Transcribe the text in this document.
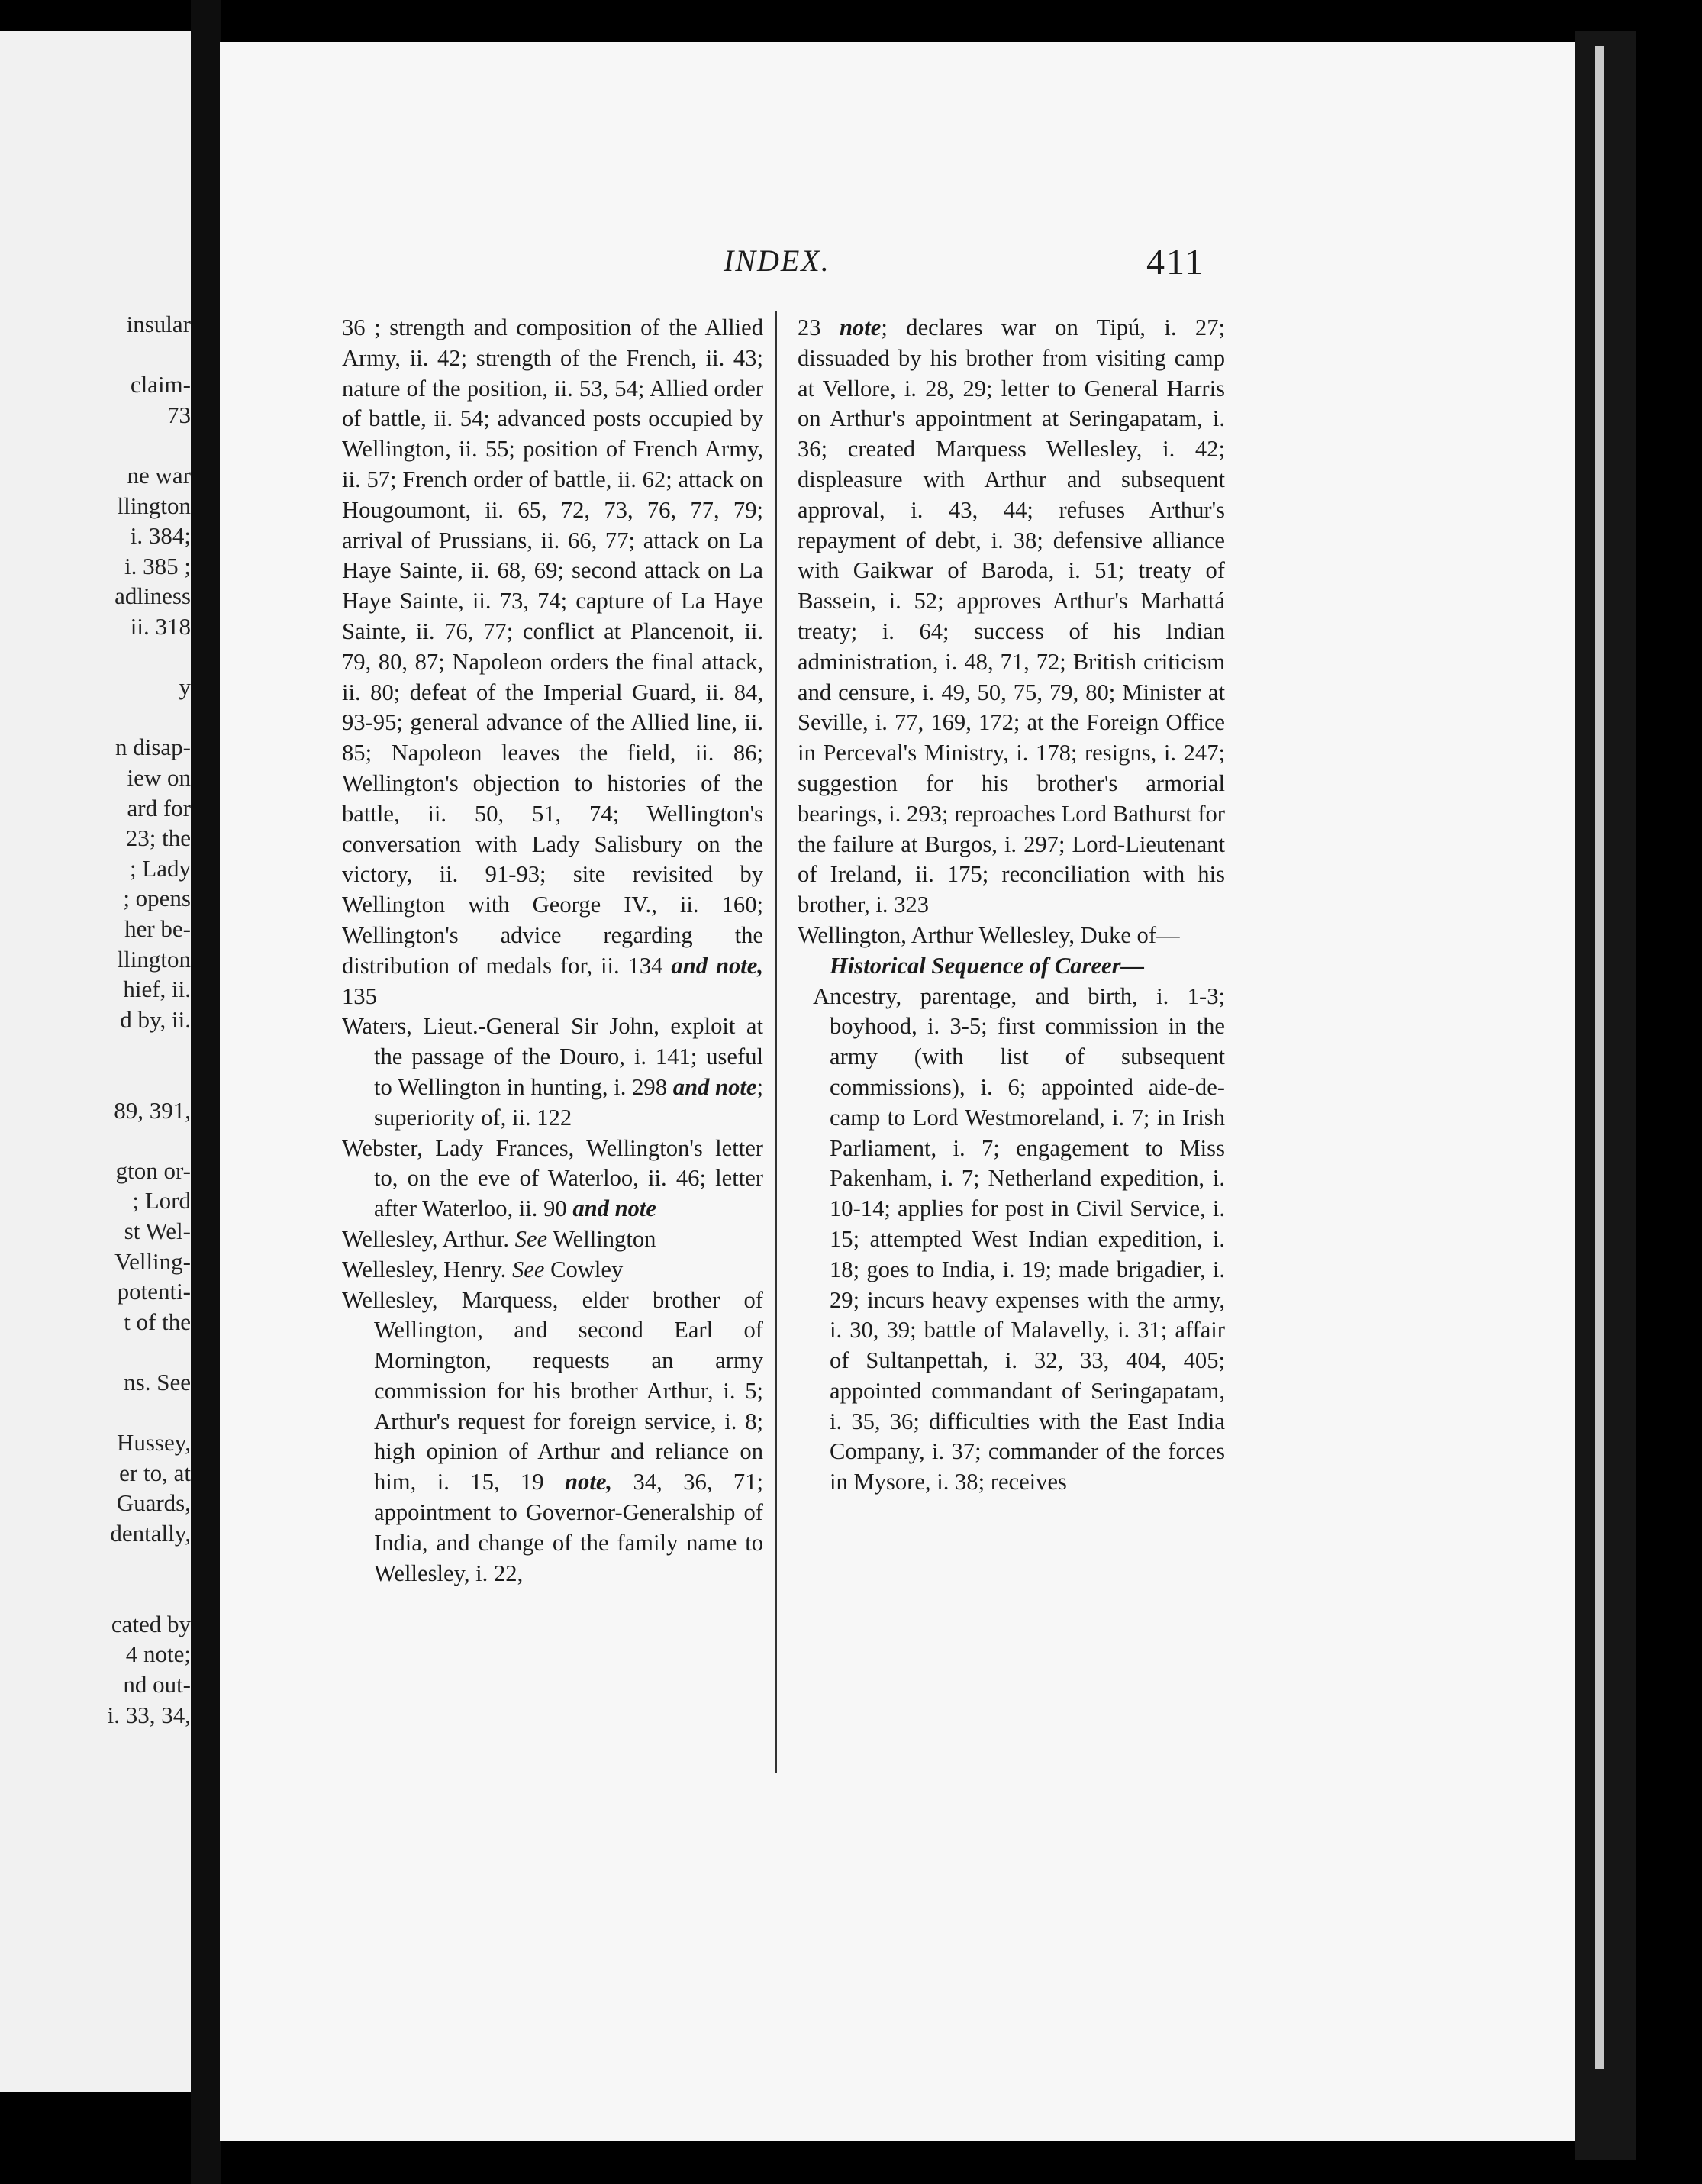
insular
claim-
73
ne war
llington
i. 384;
i. 385 ;
adliness
ii. 318
y
n disap-
iew on
ard for
23; the
; Lady
; opens
her be-
llington
hief, ii.
d by, ii.
89, 391,
gton or-
; Lord
st Wel-
Velling-
potenti-
t of the
ns. See
Hussey,
er to, at
Guards,
dentally,
cated by
4 note;
nd out-
i. 33, 34,
INDEX.	411

36 ; strength and composition of the Allied Army, ii. 42; strength of the French, ii. 43; nature of the position, ii. 53, 54; Allied order of battle, ii. 54; advanced posts occupied by Wellington, ii. 55; position of French Army, ii. 57; French order of battle, ii. 62; attack on Hougoumont, ii. 65, 72, 73, 76, 77, 79; arrival of Prussians, ii. 66, 77; attack on La Haye Sainte, ii. 68, 69; second attack on La Haye Sainte, ii. 73, 74; capture of La Haye Sainte, ii. 76, 77; conflict at Plancenoit, ii. 79, 80, 87; Napoleon orders the final attack, ii. 80; defeat of the Imperial Guard, ii. 84, 93-95; general advance of the Allied line, ii. 85; Napoleon leaves the field, ii. 86; Wellington's objection to histories of the battle, ii. 50, 51, 74; Wellington's conversation with Lady Salisbury on the victory, ii. 91-93; site revisited by Wellington with George IV., ii. 160; Wellington's advice regarding the distribution of medals for, ii. 134 and note, 135

Waters, Lieut.-General Sir John, exploit at the passage of the Douro, i. 141; useful to Wellington in hunting, i. 298 and note; superiority of, ii. 122

Webster, Lady Frances, Wellington's letter to, on the eve of Waterloo, ii. 46; letter after Waterloo, ii. 90 and note

Wellesley, Arthur. See Wellington

Wellesley, Henry. See Cowley

Wellesley, Marquess, elder brother of Wellington, and second Earl of Mornington, requests an army commission for his brother Arthur, i. 5; Arthur's request for foreign service, i. 8; high opinion of Arthur and reliance on him, i. 15, 19 note, 34, 36, 71; appointment to Governor-Generalship of India, and change of the family name to Wellesley, i. 22,

23 note; declares war on Tipú, i. 27; dissuaded by his brother from visiting camp at Vellore, i. 28, 29; letter to General Harris on Arthur's appointment at Seringapatam, i. 36; created Marquess Wellesley, i. 42; displeasure with Arthur and subsequent approval, i. 43, 44; refuses Arthur's repayment of debt, i. 38; defensive alliance with Gaikwar of Baroda, i. 51; treaty of Bassein, i. 52; approves Arthur's Marhattá treaty; i. 64; success of his Indian administration, i. 48, 71, 72; British criticism and censure, i. 49, 50, 75, 79, 80; Minister at Seville, i. 77, 169, 172; at the Foreign Office in Perceval's Ministry, i. 178; resigns, i. 247; suggestion for his brother's armorial bearings, i. 293; reproaches Lord Bathurst for the failure at Burgos, i. 297; Lord-Lieutenant of Ireland, ii. 175; reconciliation with his brother, i. 323

Wellington, Arthur Wellesley, Duke of—

Historical Sequence of Career—

Ancestry, parentage, and birth, i. 1-3; boyhood, i. 3-5; first commission in the army (with list of subsequent commissions), i. 6; appointed aide-de-camp to Lord Westmoreland, i. 7; in Irish Parliament, i. 7; engagement to Miss Pakenham, i. 7; Netherland expedition, i. 10-14; applies for post in Civil Service, i. 15; attempted West Indian expedition, i. 18; goes to India, i. 19; made brigadier, i. 29; incurs heavy expenses with the army, i. 30, 39; battle of Malavelly, i. 31; affair of Sultanpettah, i. 32, 33, 404, 405; appointed commandant of Seringapatam, i. 35, 36; difficulties with the East India Company, i. 37; commander of the forces in Mysore, i. 38; receives
